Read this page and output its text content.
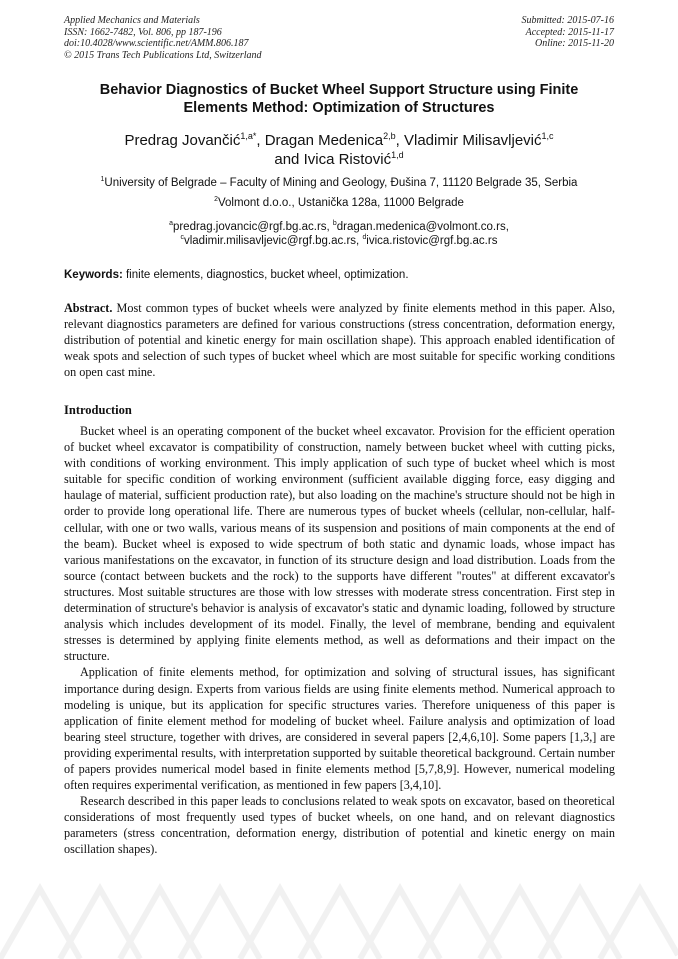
Applied Mechanics and Materials
ISSN: 1662-7482, Vol. 806, pp 187-196
doi:10.4028/www.scientific.net/AMM.806.187
© 2015 Trans Tech Publications Ltd, Switzerland
Submitted: 2015-07-16
Accepted: 2015-11-17
Online: 2015-11-20
Behavior Diagnostics of Bucket Wheel Support Structure using Finite
Elements Method: Optimization of Structures
Predrag Jovančić$^{1,a*}$, Dragan Medenica$^{2,b}$, Vladimir Milisavljević$^{1,c}$
and Ivica Ristović$^{1,d}$
$^1$University of Belgrade – Faculty of Mining and Geology, Đušina 7, 11120 Belgrade 35, Serbia
$^2$Volmont d.o.o., Ustanička 128a, 11000 Belgrade
$^a$predrag.jovancic@rgf.bg.ac.rs, $^b$dragan.medenica@volmont.co.rs,
$^c$vladimir.milisavljevic@rgf.bg.ac.rs, $^d$ivica.ristovic@rgf.bg.ac.rs
Keywords: finite elements, diagnostics, bucket wheel, optimization.
Abstract. Most common types of bucket wheels were analyzed by finite elements method in this paper. Also, relevant diagnostics parameters are defined for various constructions (stress concentration, deformation energy, distribution of potential and kinetic energy for main oscillation shape). This approach enabled identification of weak spots and selection of such types of bucket wheel which are most suitable for specific working conditions on open cast mine.
Introduction

Bucket wheel is an operating component of the bucket wheel excavator. Provision for the efficient operation of bucket wheel excavator is compatibility of construction, namely between bucket wheel with cutting picks, with conditions of working environment. This imply application of such type of bucket wheel which is most suitable for specific condition of working environment (sufficient available digging force, easy digging and haulage of material, sufficient production rate), but also loading on the machine's structure should not be high in order to provide long operational life. There are numerous types of bucket wheels (cellular, non-cellular, half-cellular, with one or two walls, various means of its suspension and positions of main components at the end of the beam). Bucket wheel is exposed to wide spectrum of both static and dynamic loads, whose impact has various manifestations on the excavator, in function of its structure design and load distribution. Loads from the source (contact between buckets and the rock) to the supports have different "routes" at different excavator's structures. Most suitable structures are those with low stresses with moderate stress concentration. First step in determination of structure's behavior is analysis of excavator's static and dynamic loading, followed by structure analysis which includes development of its model. Finally, the level of membrane, bending and equivalent stresses is determined by applying finite elements method, as well as deformations and their impact on the structure.

Application of finite elements method, for optimization and solving of structural issues, has significant importance during design. Experts from various fields are using finite elements method. Numerical approach to modeling is unique, but its application for specific structures varies. Therefore uniqueness of this paper is application of finite element method for modeling of bucket wheel. Failure analysis and optimization of load bearing steel structure, together with drives, are considered in several papers [2,4,6,10]. Some papers [1,3,] are providing experimental results, with interpretation supported by suitable theoretical background. Certain number of papers provides numerical model based in finite elements method [5,7,8,9]. However, numerical modeling often requires experimental verification, as mentioned in few papers [3,4,10].

Research described in this paper leads to conclusions related to weak spots on excavator, based on theoretical considerations of most frequently used types of bucket wheels, on one hand, and on relevant diagnostics parameters (stress concentration, deformation energy, distribution of potential and kinetic energy on main oscillation shapes).
